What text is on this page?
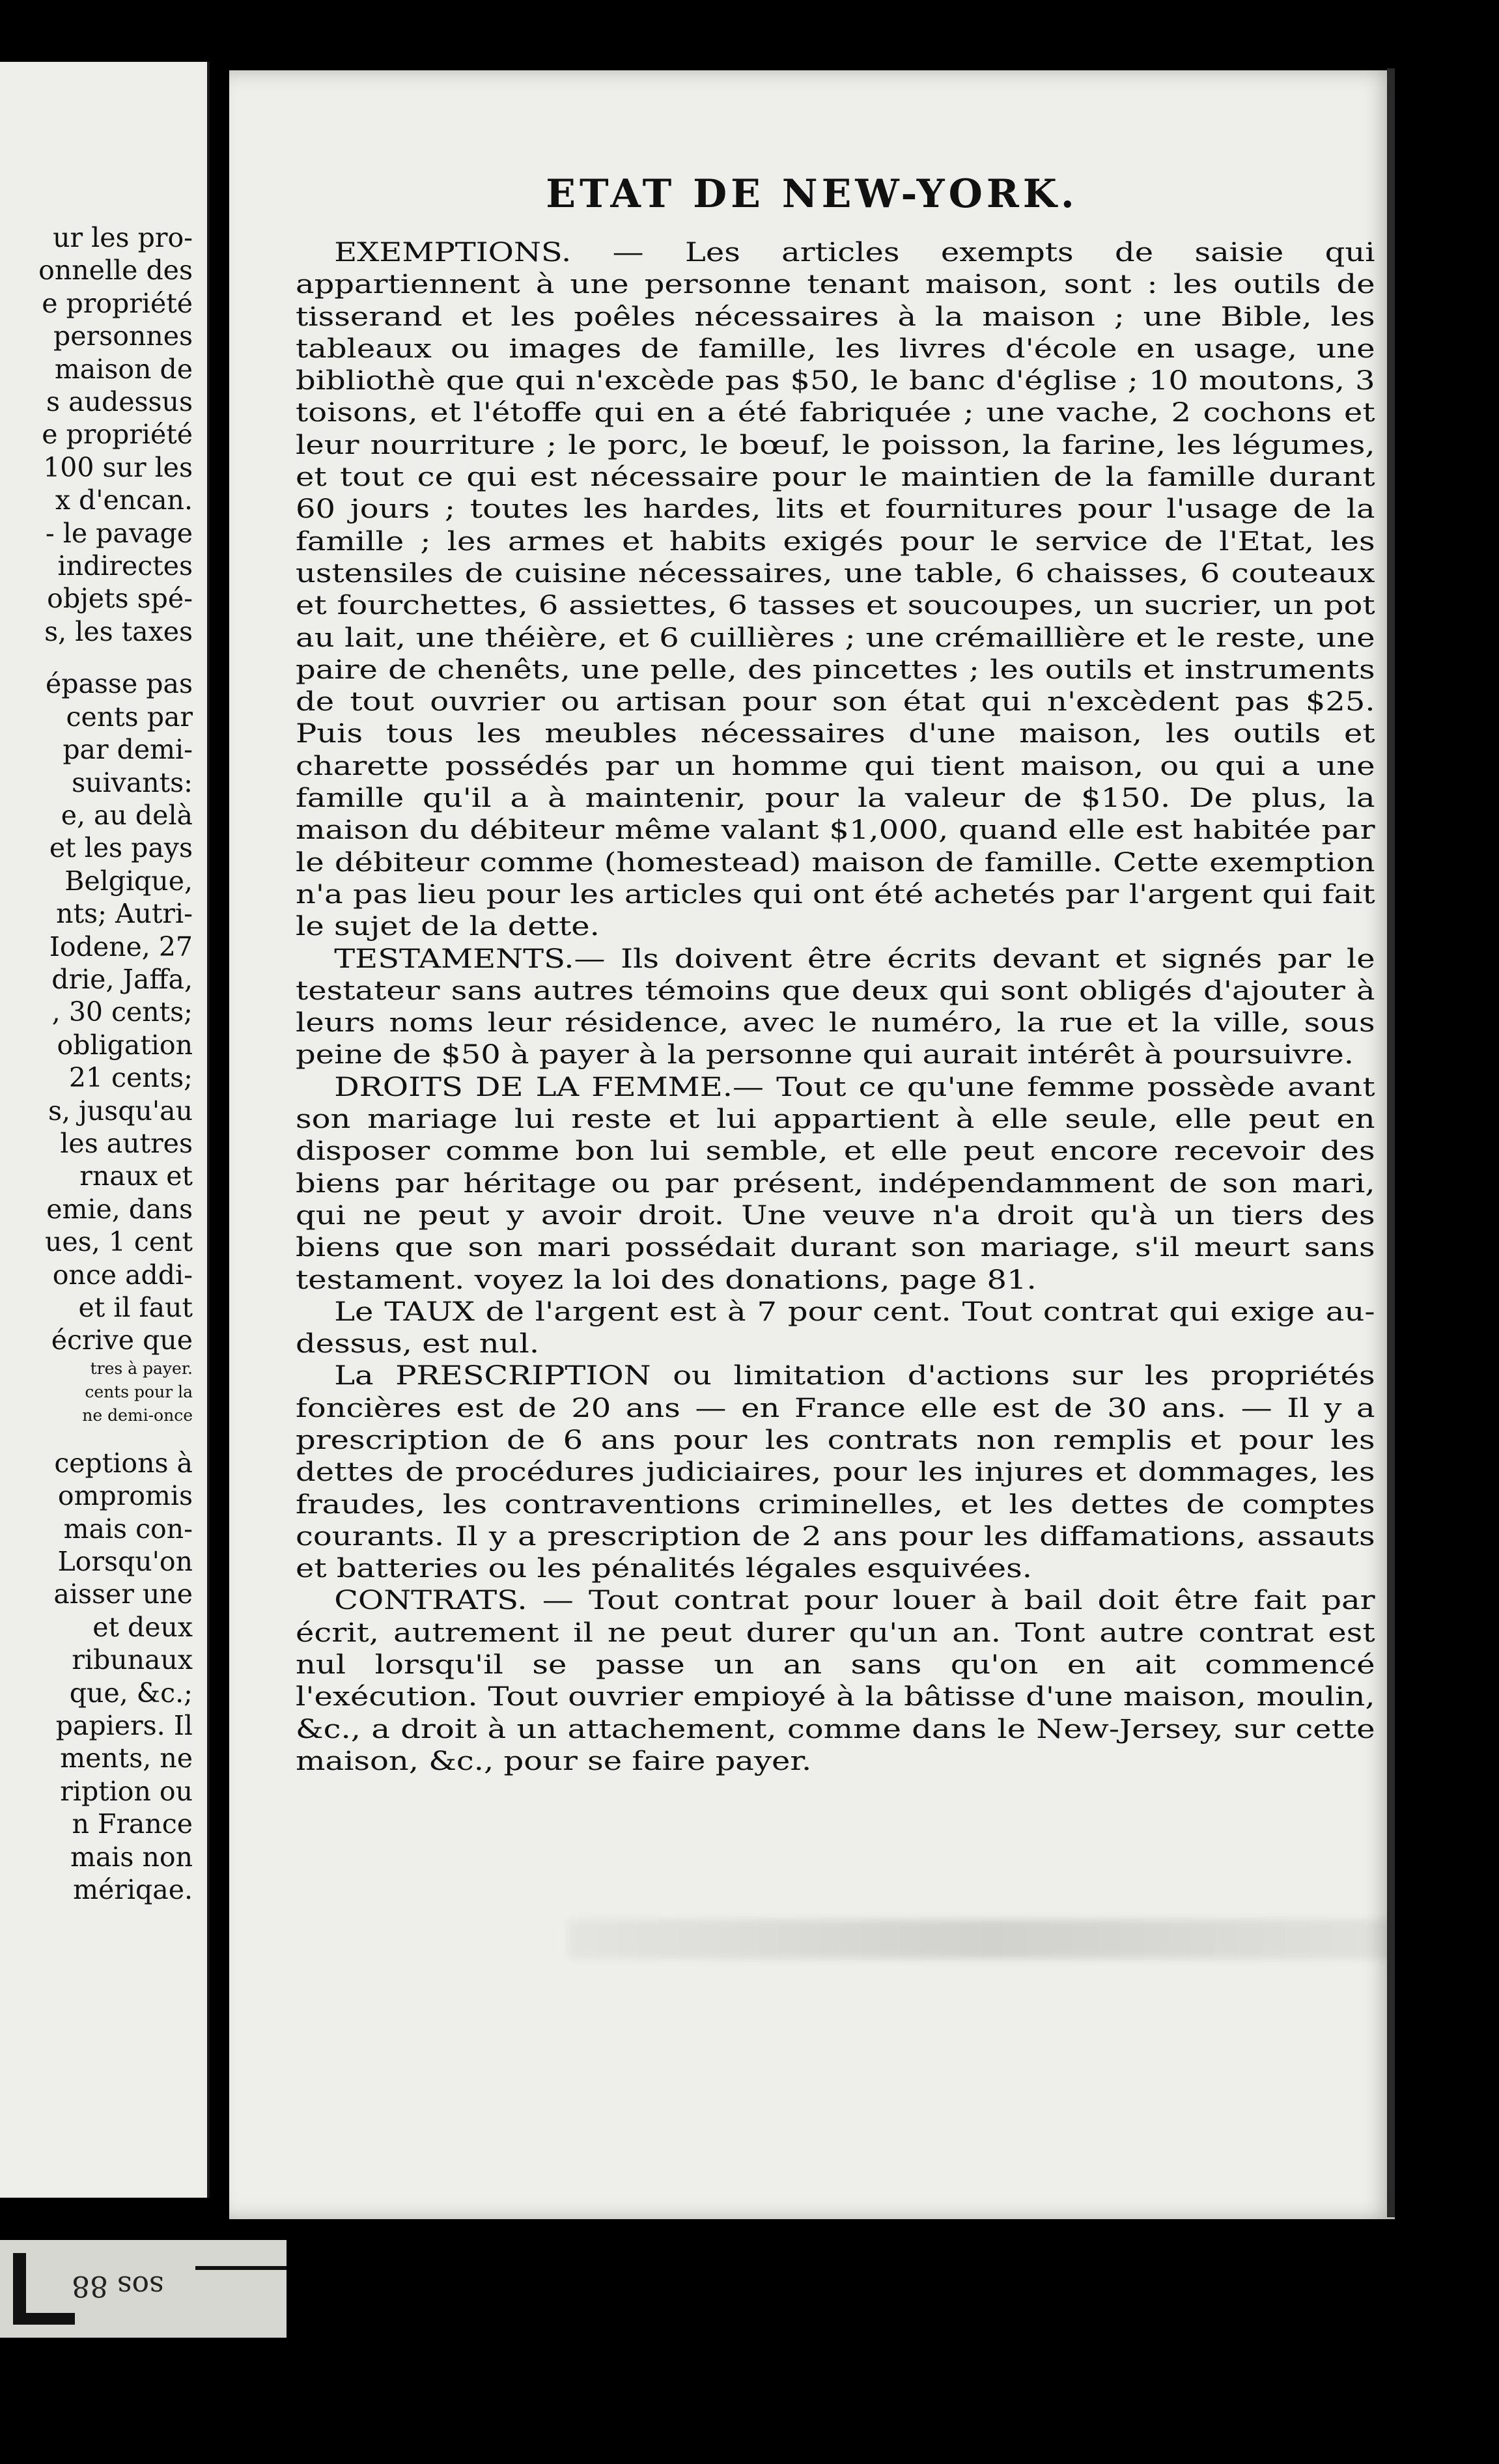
ur les pro-
onnelle des
e propriété
personnes
maison de
s audessus
e propriété
100 sur les
x d'encan.
- le pavage
indirectes
objets spé-
s, les taxes
épasse pas
cents par
par demi-
suivants:
e, au delà
et les pays
Belgique,
nts; Autri-
Iodene, 27
drie, Jaffa,
, 30 cents;
obligation
21 cents;
s, jusqu'au
les autres
rnaux et
emie, dans
ues, 1 cent
once addi-
et il faut
écrive que
tres à payer.
cents pour la
ne demi-once
ceptions à
ompromis
mais con-
Lorsqu'on
aisser une
et deux
ribunaux
que, &c.;
papiers. Il
ments, ne
ription ou
n France
mais non
mériqae.
sos 88
ETAT DE NEW-YORK.

EXEMPTIONS. — Les articles exempts de saisie qui appartiennent à une personne tenant maison, sont : les outils de tisserand et les poêles nécessaires à la maison ; une Bible, les tableaux ou images de famille, les livres d'école en usage, une bibliothè que qui n'excède pas $50, le banc d'église ; 10 moutons, 3 toisons, et l'étoffe qui en a été fabriquée ; une vache, 2 cochons et leur nourriture ; le porc, le bœuf, le poisson, la farine, les légumes, et tout ce qui est nécessaire pour le maintien de la famille durant 60 jours ; toutes les hardes, lits et fournitures pour l'usage de la famille ; les armes et habits exigés pour le service de l'Etat, les ustensiles de cuisine nécessaires, une table, 6 chaisses, 6 couteaux et fourchettes, 6 assiettes, 6 tasses et soucoupes, un sucrier, un pot au lait, une théière, et 6 cuillières ; une crémaillière et le reste, une paire de chenêts, une pelle, des pincettes ; les outils et instruments de tout ouvrier ou artisan pour son état qui n'excèdent pas $25. Puis tous les meubles nécessaires d'une maison, les outils et charette possédés par un homme qui tient maison, ou qui a une famille qu'il a à maintenir, pour la valeur de $150. De plus, la maison du débiteur même valant $1,000, quand elle est habitée par le débiteur comme (homestead) maison de famille. Cette exemption n'a pas lieu pour les articles qui ont été achetés par l'argent qui fait le sujet de la dette.

TESTAMENTS.— Ils doivent être écrits devant et signés par le testateur sans autres témoins que deux qui sont obligés d'ajouter à leurs noms leur résidence, avec le numéro, la rue et la ville, sous peine de $50 à payer à la personne qui aurait intérêt à poursuivre.

DROITS DE LA FEMME.— Tout ce qu'une femme possède avant son mariage lui reste et lui appartient à elle seule, elle peut en disposer comme bon lui semble, et elle peut encore recevoir des biens par héritage ou par présent, indépendamment de son mari, qui ne peut y avoir droit. Une veuve n'a droit qu'à un tiers des biens que son mari possédait durant son mariage, s'il meurt sans testament. voyez la loi des donations, page 81.

Le TAUX de l'argent est à 7 pour cent. Tout contrat qui exige au-dessus, est nul.

La PRESCRIPTION ou limitation d'actions sur les propriétés foncières est de 20 ans — en France elle est de 30 ans. — Il y a prescription de 6 ans pour les contrats non remplis et pour les dettes de procédures judiciaires, pour les injures et dommages, les fraudes, les contraventions criminelles, et les dettes de comptes courants. Il y a prescription de 2 ans pour les diffamations, assauts et batteries ou les pénalités légales esquivées.

CONTRATS. — Tout contrat pour louer à bail doit être fait par écrit, autrement il ne peut durer qu'un an. Tont autre contrat est nul lorsqu'il se passe un an sans qu'on en ait commencé l'exécution. Tout ouvrier empioyé à la bâtisse d'une maison, moulin, &c., a droit à un attachement, comme dans le New-Jersey, sur cette maison, &c., pour se faire payer.
